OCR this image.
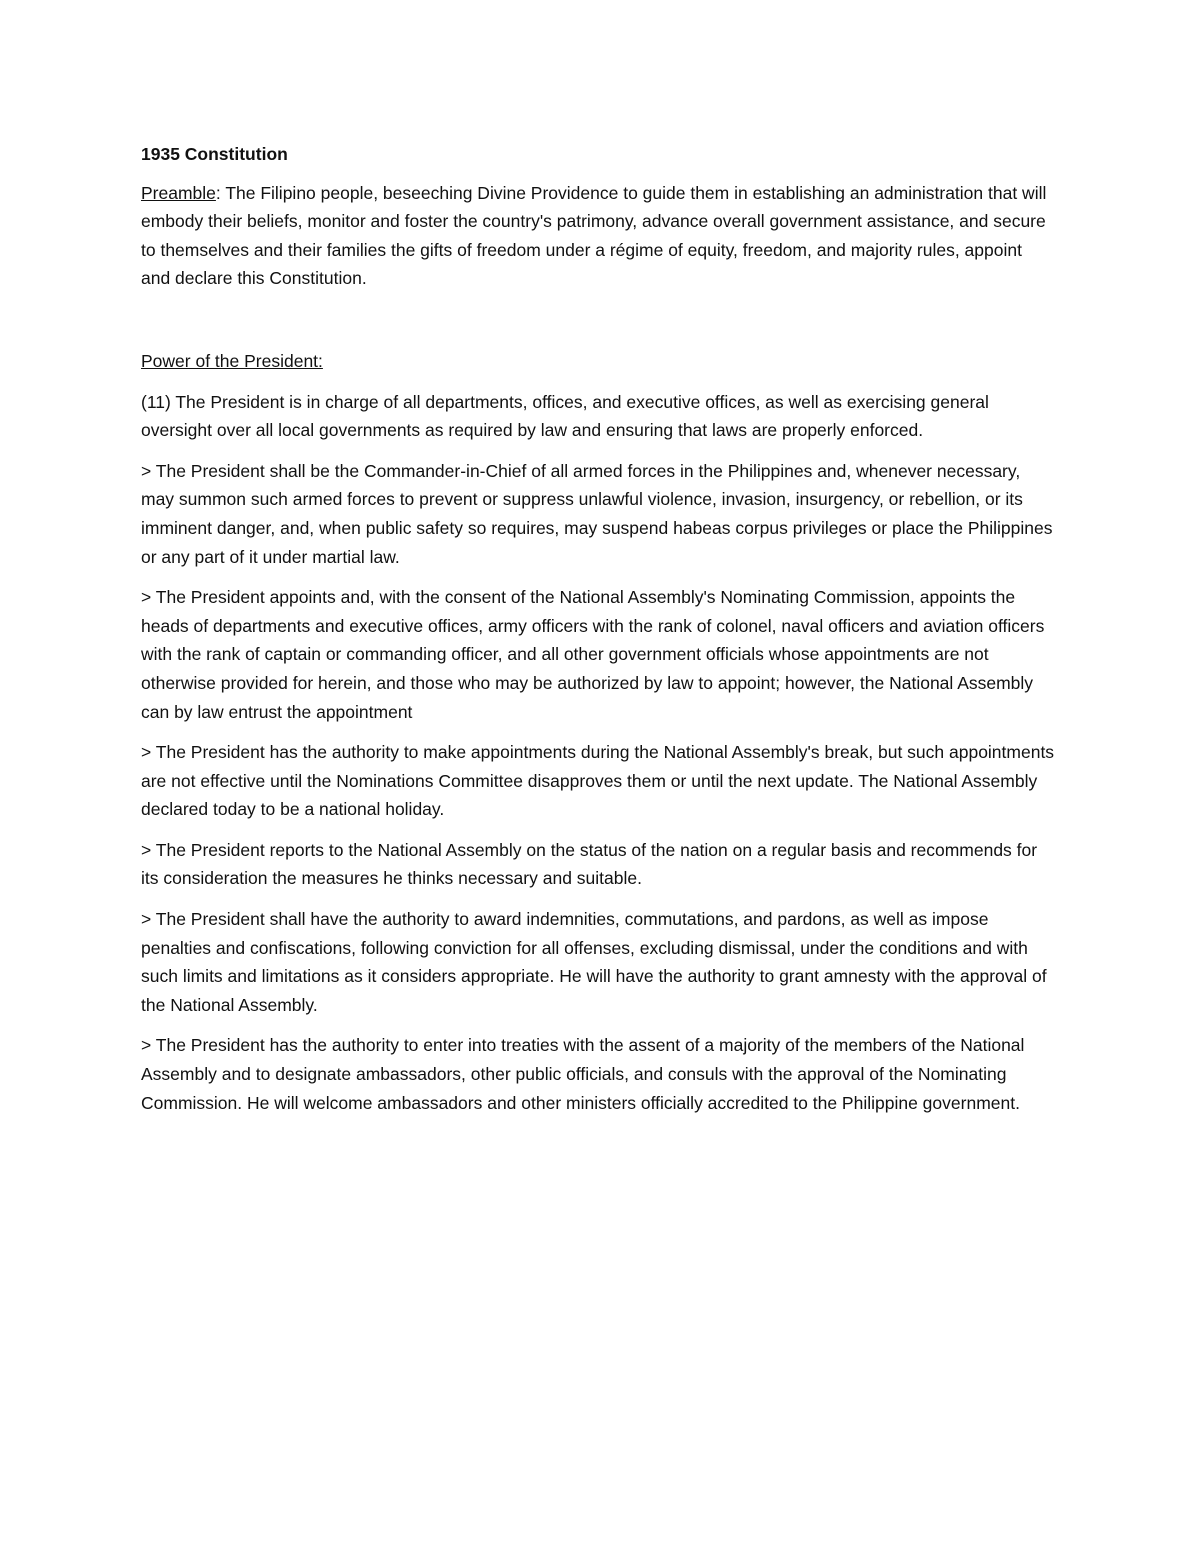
1935 Constitution

Preamble: The Filipino people, beseeching Divine Providence to guide them in establishing an administration that will embody their beliefs, monitor and foster the country's patrimony, advance overall government assistance, and secure to themselves and their families the gifts of freedom under a régime of equity, freedom, and majority rules, appoint and declare this Constitution.

Power of the President:

(11) The President is in charge of all departments, offices, and executive offices, as well as exercising general oversight over all local governments as required by law and ensuring that laws are properly enforced.

> The President shall be the Commander-in-Chief of all armed forces in the Philippines and, whenever necessary, may summon such armed forces to prevent or suppress unlawful violence, invasion, insurgency, or rebellion, or its imminent danger, and, when public safety so requires, may suspend habeas corpus privileges or place the Philippines or any part of it under martial law.

> The President appoints and, with the consent of the National Assembly's Nominating Commission, appoints the heads of departments and executive offices, army officers with the rank of colonel, naval officers and aviation officers with the rank of captain or commanding officer, and all other government officials whose appointments are not otherwise provided for herein, and those who may be authorized by law to appoint; however, the National Assembly can by law entrust the appointment

> The President has the authority to make appointments during the National Assembly's break, but such appointments are not effective until the Nominations Committee disapproves them or until the next update. The National Assembly declared today to be a national holiday.

> The President reports to the National Assembly on the status of the nation on a regular basis and recommends for its consideration the measures he thinks necessary and suitable.

> The President shall have the authority to award indemnities, commutations, and pardons, as well as impose penalties and confiscations, following conviction for all offenses, excluding dismissal, under the conditions and with such limits and limitations as it considers appropriate. He will have the authority to grant amnesty with the approval of the National Assembly.

> The President has the authority to enter into treaties with the assent of a majority of the members of the National Assembly and to designate ambassadors, other public officials, and consuls with the approval of the Nominating Commission. He will welcome ambassadors and other ministers officially accredited to the Philippine government.
